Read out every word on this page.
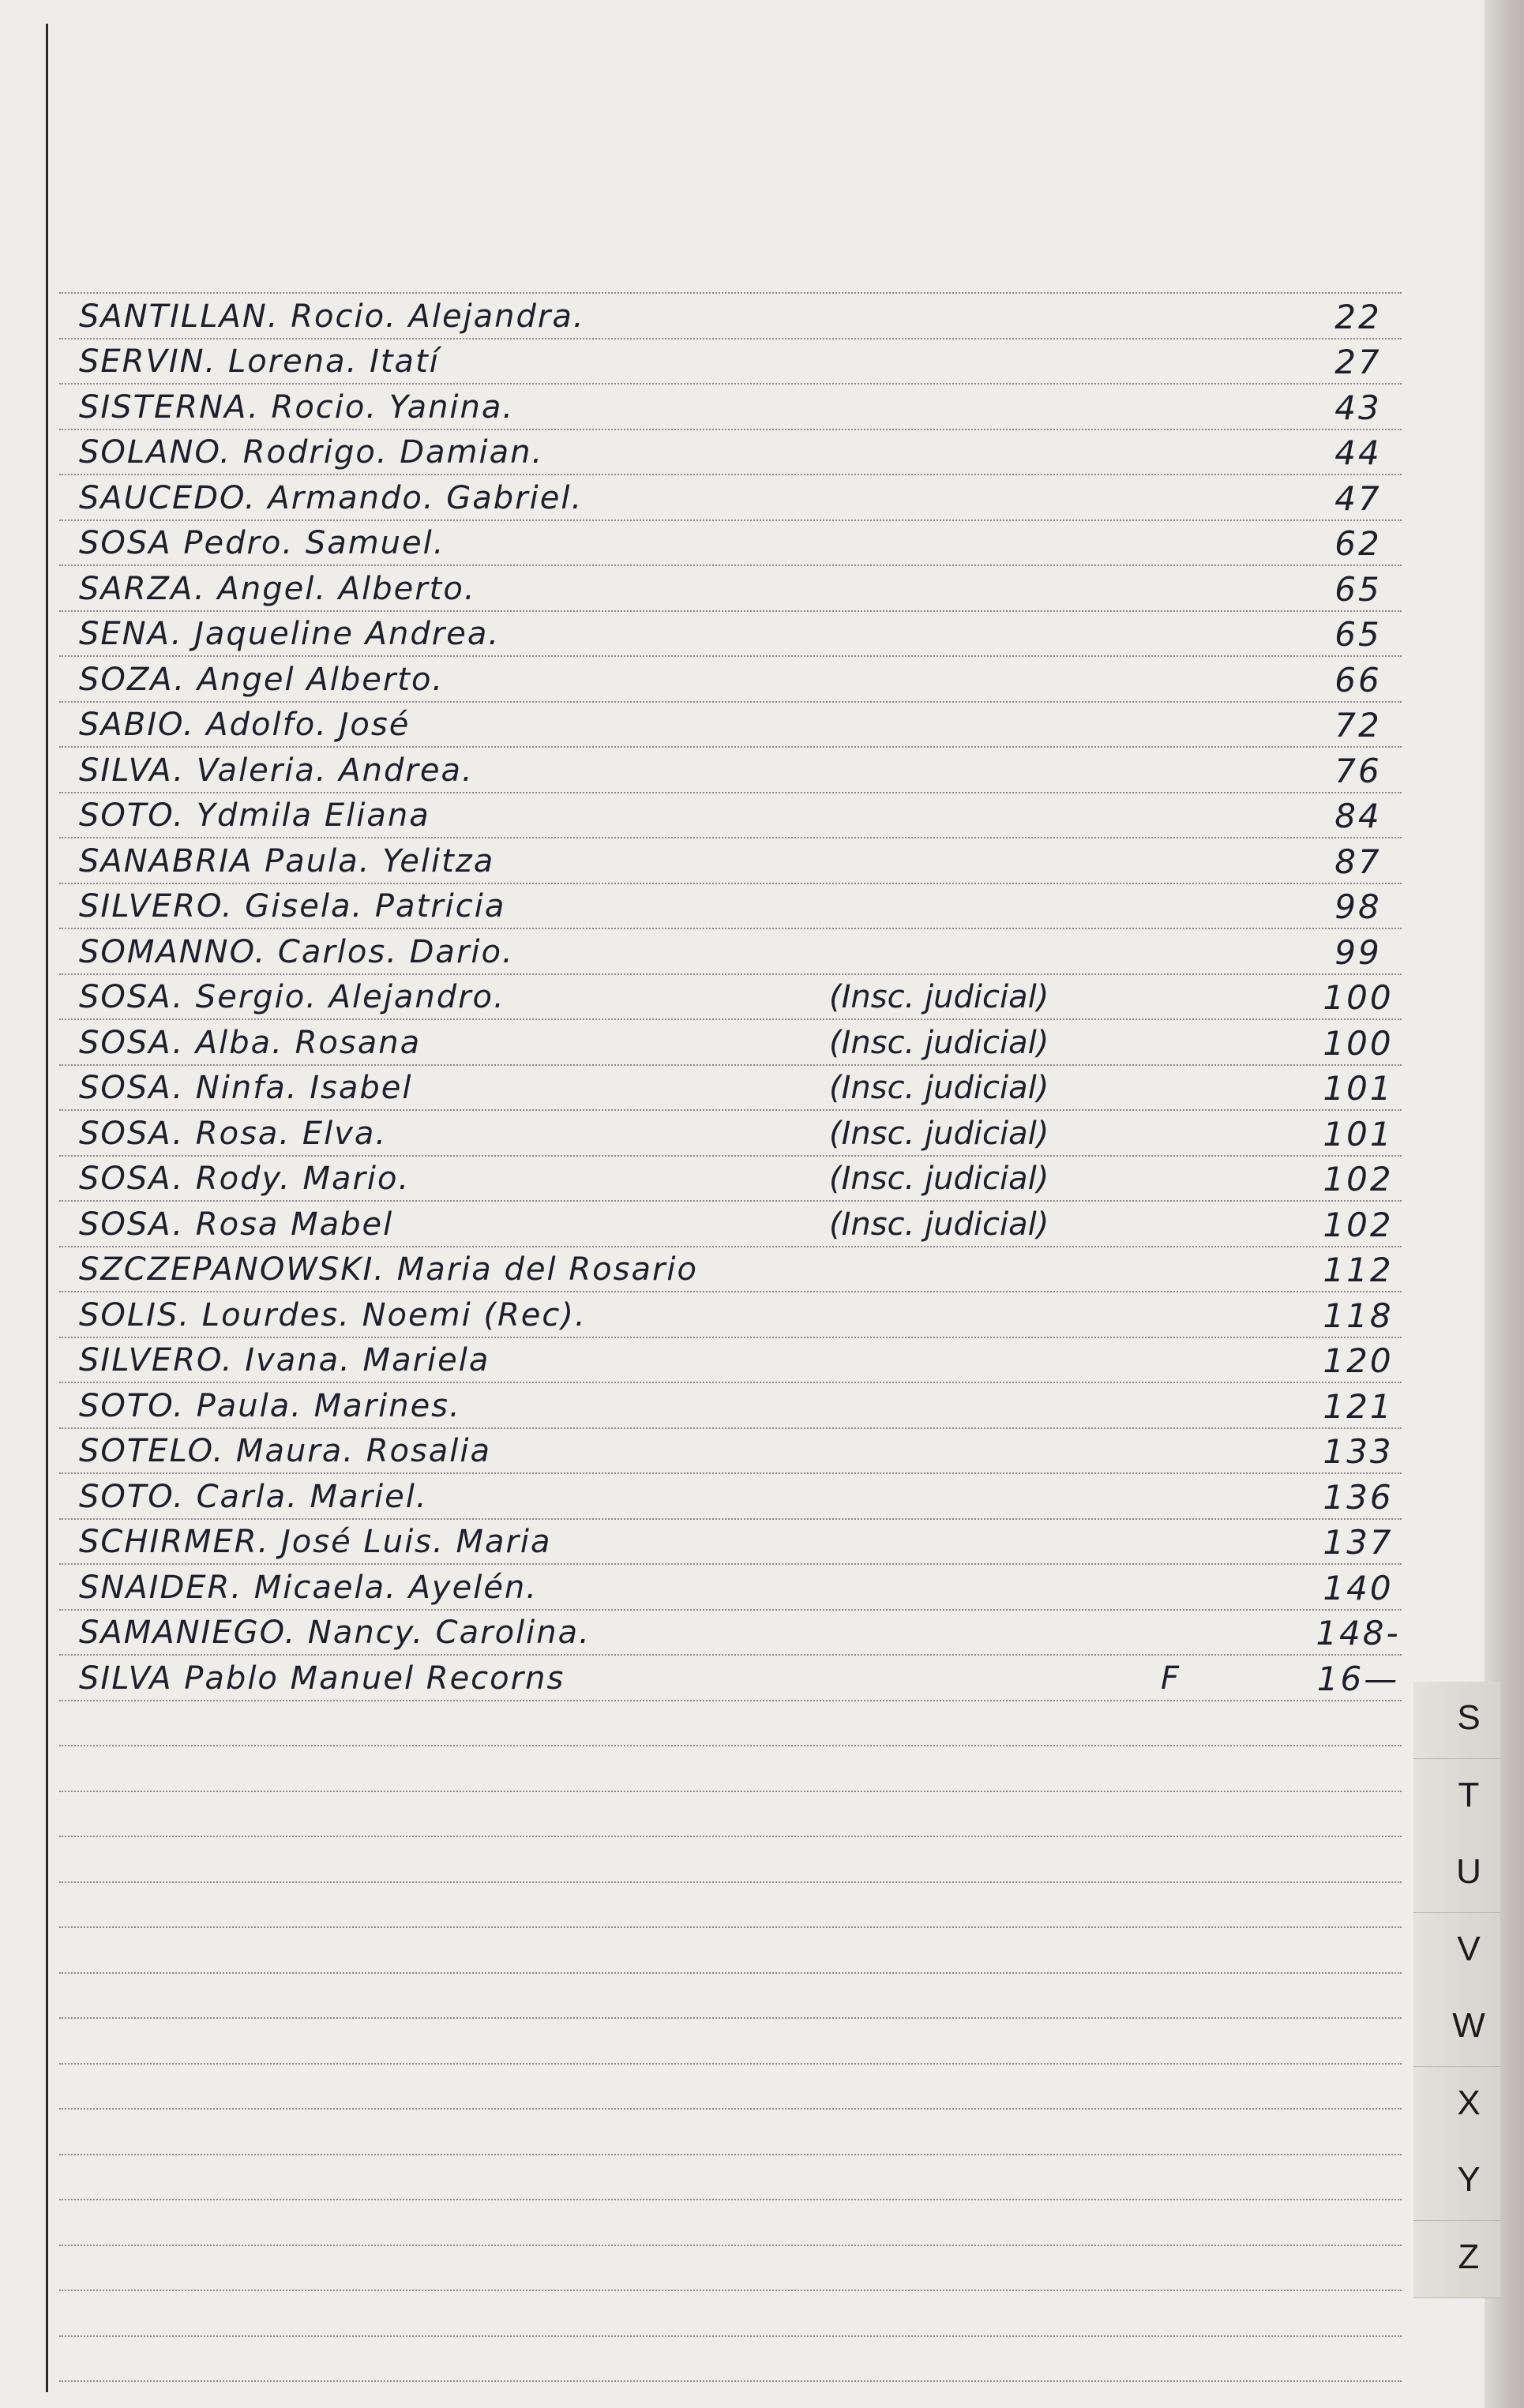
SANTILLAN. Rocio. Alejandra.	22
SERVIN. Lorena. Itatí	27
SISTERNA. Rocio. Yanina.	43
SOLANO. Rodrigo. Damian.	44
SAUCEDO. Armando. Gabriel.	47
SOSA Pedro. Samuel.	62
SARZA. Angel. Alberto.	65
SENA. Jaqueline Andrea.	65
SOZA. Angel Alberto.	66
SABIO. Adolfo. José	72
SILVA. Valeria. Andrea.	76
SOTO. Ydmila Eliana	84
SANABRIA Paula. Yelitza	87
SILVERO. Gisela. Patricia	98
SOMANNO. Carlos. Dario.	99
SOSA. Sergio. Alejandro.	(Insc. judicial)	100
SOSA. Alba. Rosana	(Insc. judicial)	100
SOSA. Ninfa. Isabel	(Insc. judicial)	101
SOSA. Rosa. Elva.	(Insc. judicial)	101
SOSA. Rody. Mario.	(Insc. judicial)	102
SOSA. Rosa Mabel	(Insc. judicial)	102
SZCZEPANOWSKI. Maria del Rosario	112
SOLIS. Lourdes. Noemi (Rec).	118
SILVERO. Ivana. Mariela	120
SOTO. Paula. Marines.	121
SOTELO. Maura. Rosalia	133
SOTO. Carla. Mariel.	136
SCHIRMER. José Luis. Maria	137
SNAIDER. Micaela. Ayelén.	140
SAMANIEGO. Nancy. Carolina.	148-
SILVA Pablo Manuel Recorns	F	16—
S
T
U
V
W
X
Y
Z
